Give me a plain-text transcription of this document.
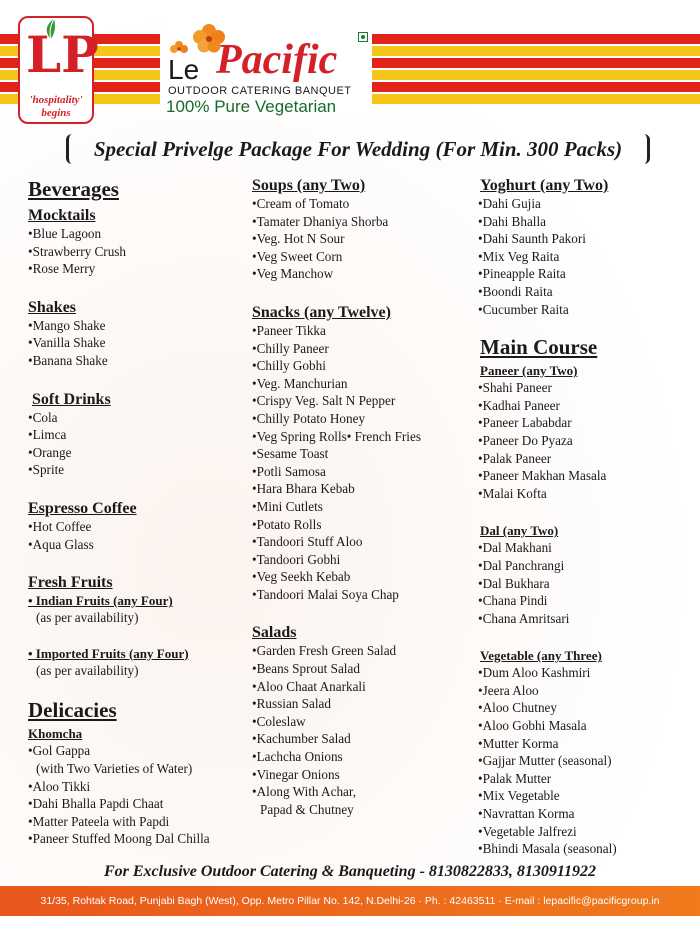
LP
'hospitality'
begins
Le Pacific
OUTDOOR CATERING BANQUET
100% Pure Vegetarian
Special Privelge Package For Wedding (For Min. 300 Packs)
Beverages
Mocktails
• Blue Lagoon
• Strawberry Crush
• Rose Merry
Shakes
• Mango Shake
• Vanilla Shake
• Banana Shake
Soft Drinks
• Cola
• Limca
• Orange
• Sprite
Espresso Coffee
• Hot Coffee
• Aqua Glass
Fresh Fruits
• Indian Fruits (any Four)
(as per availability)
• Imported Fruits (any Four)
(as per availability)
Delicacies
Khomcha
• Gol Gappa
(with Two Varieties of Water)
• Aloo Tikki
• Dahi Bhalla Papdi Chaat
• Matter Pateela with Papdi
• Paneer Stuffed Moong Dal Chilla
Soups (any Two)
• Cream of Tomato
• Tamater Dhaniya Shorba
• Veg. Hot N Sour
• Veg Sweet Corn
• Veg Manchow
Snacks (any Twelve)
• Paneer Tikka
• Chilly Paneer
• Chilly Gobhi
• Veg. Manchurian
• Crispy Veg. Salt N Pepper
• Chilly Potato Honey
• Veg Spring Rolls• French Fries
• Sesame Toast
• Potli Samosa
• Hara Bhara Kebab
• Mini Cutlets
• Potato Rolls
• Tandoori Stuff Aloo
• Tandoori Gobhi
• Veg Seekh Kebab
• Tandoori Malai Soya Chap
Salads
• Garden Fresh Green Salad
• Beans Sprout Salad
• Aloo Chaat Anarkali
• Russian Salad
• Coleslaw
• Kachumber Salad
• Lachcha Onions
• Vinegar Onions
• Along With Achar,
Papad & Chutney
Yoghurt (any Two)
• Dahi Gujia
• Dahi Bhalla
• Dahi Saunth Pakori
• Mix Veg Raita
• Pineapple Raita
• Boondi Raita
• Cucumber Raita
Main Course
Paneer (any Two)
• Shahi Paneer
• Kadhai Paneer
• Paneer Lababdar
• Paneer Do Pyaza
• Palak Paneer
• Paneer Makhan Masala
• Malai Kofta
Dal (any Two)
• Dal Makhani
• Dal Panchrangi
• Dal Bukhara
• Chana Pindi
• Chana Amritsari
Vegetable (any Three)
• Dum Aloo Kashmiri
• Jeera Aloo
• Aloo Chutney
• Aloo Gobhi Masala
• Mutter Korma
• Gajjar Mutter (seasonal)
• Palak Mutter
• Mix Vegetable
• Navrattan Korma
• Vegetable Jalfrezi
• Bhindi Masala (seasonal)
For Exclusive Outdoor Catering & Banqueting - 8130822833, 8130911922
31/35, Rohtak Road, Punjabi Bagh (West), Opp. Metro Pillar No. 142, N.Delhi-26 · Ph. : 42463511 · E-mail : lepacific@pacificgroup.in
